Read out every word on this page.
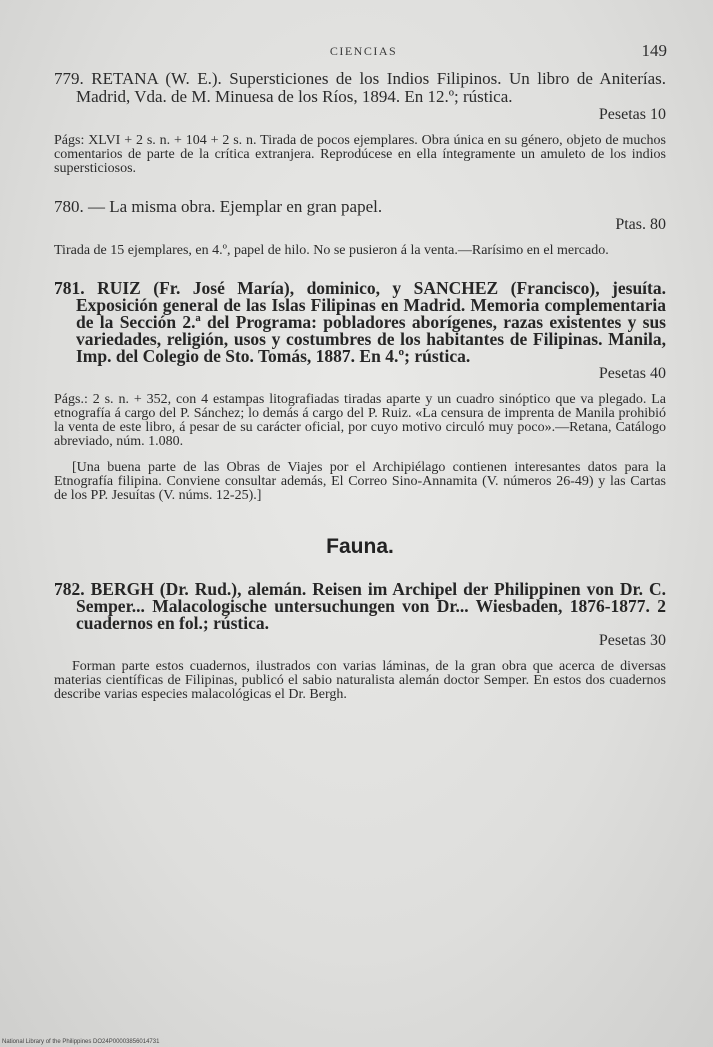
CIENCIAS	149

779. RETANA (W. E.). Supersticiones de los Indios Filipinos. Un libro de Aniterías. Madrid, Vda. de M. Minuesa de los Ríos, 1894. En 12.º; rústica.

Pesetas 10

Págs: XLVI + 2 s. n. + 104 + 2 s. n. Tirada de pocos ejemplares. Obra única en su género, objeto de muchos comentarios de parte de la crítica extranjera. Reprodúcese en ella íntegramente un amuleto de los indios supersticiosos.

780. — La misma obra. Ejemplar en gran papel.

Ptas. 80

Tirada de 15 ejemplares, en 4.º, papel de hilo. No se pusieron á la venta.—Rarísimo en el mercado.

781. RUIZ (Fr. José María), dominico, y SANCHEZ (Francisco), jesuíta. Exposición general de las Islas Filipinas en Madrid. Memoria complementaria de la Sección 2.ª del Programa: pobladores aborígenes, razas existentes y sus variedades, religión, usos y costumbres de los habitantes de Filipinas. Manila, Imp. del Colegio de Sto. Tomás, 1887. En 4.º; rústica.

Pesetas 40

Págs.: 2 s. n. + 352, con 4 estampas litografiadas tiradas aparte y un cuadro sinóptico que va plegado. La etnografía á cargo del P. Sánchez; lo demás á cargo del P. Ruiz. «La censura de imprenta de Manila prohibió la venta de este libro, á pesar de su carácter oficial, por cuyo motivo circuló muy poco».—Retana, Catálogo abreviado, núm. 1.080.

[Una buena parte de las Obras de Viajes por el Archipiélago contienen interesantes datos para la Etnografía filipina. Conviene consultar además, El Correo Sino-Annamita (V. números 26-49) y las Cartas de los PP. Jesuítas (V. núms. 12-25).]

Fauna.

782. BERGH (Dr. Rud.), alemán. Reisen im Archipel der Philippinen von Dr. C. Semper... Malacologische untersuchungen von Dr... Wiesbaden, 1876-1877. 2 cuadernos en fol.; rústica.

Pesetas 30

Forman parte estos cuadernos, ilustrados con varias láminas, de la gran obra que acerca de diversas materias científicas de Filipinas, publicó el sabio naturalista alemán doctor Semper. En estos dos cuadernos describe varias especies malacológicas el Dr. Bergh.

National Library of the Philippines DO24P00003856014731
